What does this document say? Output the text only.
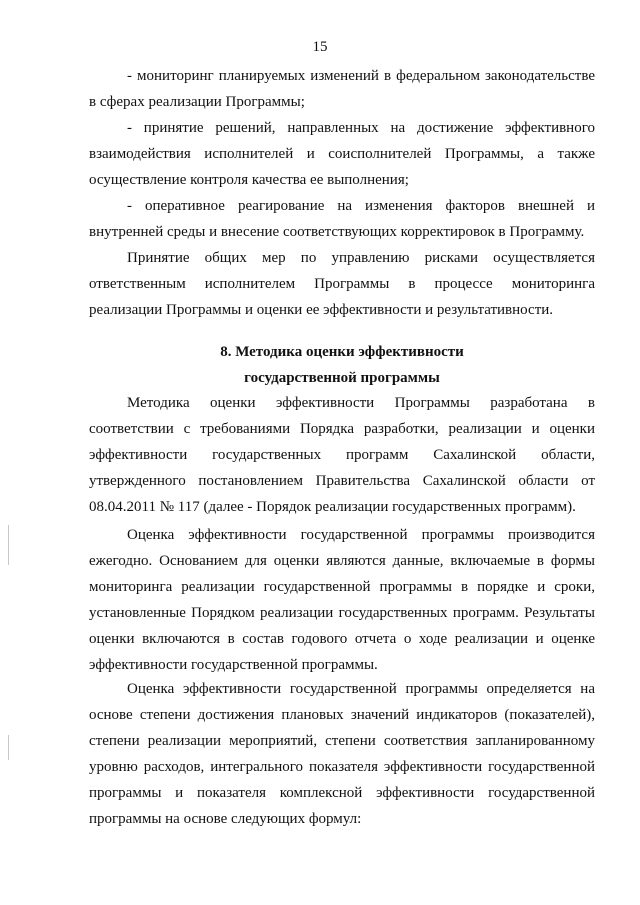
15

- мониторинг планируемых изменений в федеральном законодательстве в сферах реализации Программы;

- принятие решений, направленных на достижение эффективного взаимодействия исполнителей и соисполнителей Программы, а также осуществление контроля качества ее выполнения;

- оперативное реагирование на изменения факторов внешней и внутренней среды и внесение соответствующих корректировок в Программу.

Принятие общих мер по управлению рисками осуществляется ответственным исполнителем Программы в процессе мониторинга реализации Программы и оценки ее эффективности и результативности.

8. Методика оценки эффективности
государственной программы

Методика оценки эффективности Программы разработана в соответствии с требованиями Порядка разработки, реализации и оценки эффективности государственных программ Сахалинской области, утвержденного постановлением Правительства Сахалинской области от 08.04.2011 № 117 (далее - Порядок реализации государственных программ).

Оценка эффективности государственной программы производится ежегодно. Основанием для оценки являются данные, включаемые в формы мониторинга реализации государственной программы в порядке и сроки, установленные Порядком реализации государственных программ. Результаты оценки включаются в состав годового отчета о ходе реализации и оценке эффективности государственной программы.

Оценка эффективности государственной программы определяется на основе степени достижения плановых значений индикаторов (показателей), степени реализации мероприятий, степени соответствия запланированному уровню расходов, интегрального показателя эффективности государственной программы и показателя комплексной эффективности государственной программы на основе следующих формул:
